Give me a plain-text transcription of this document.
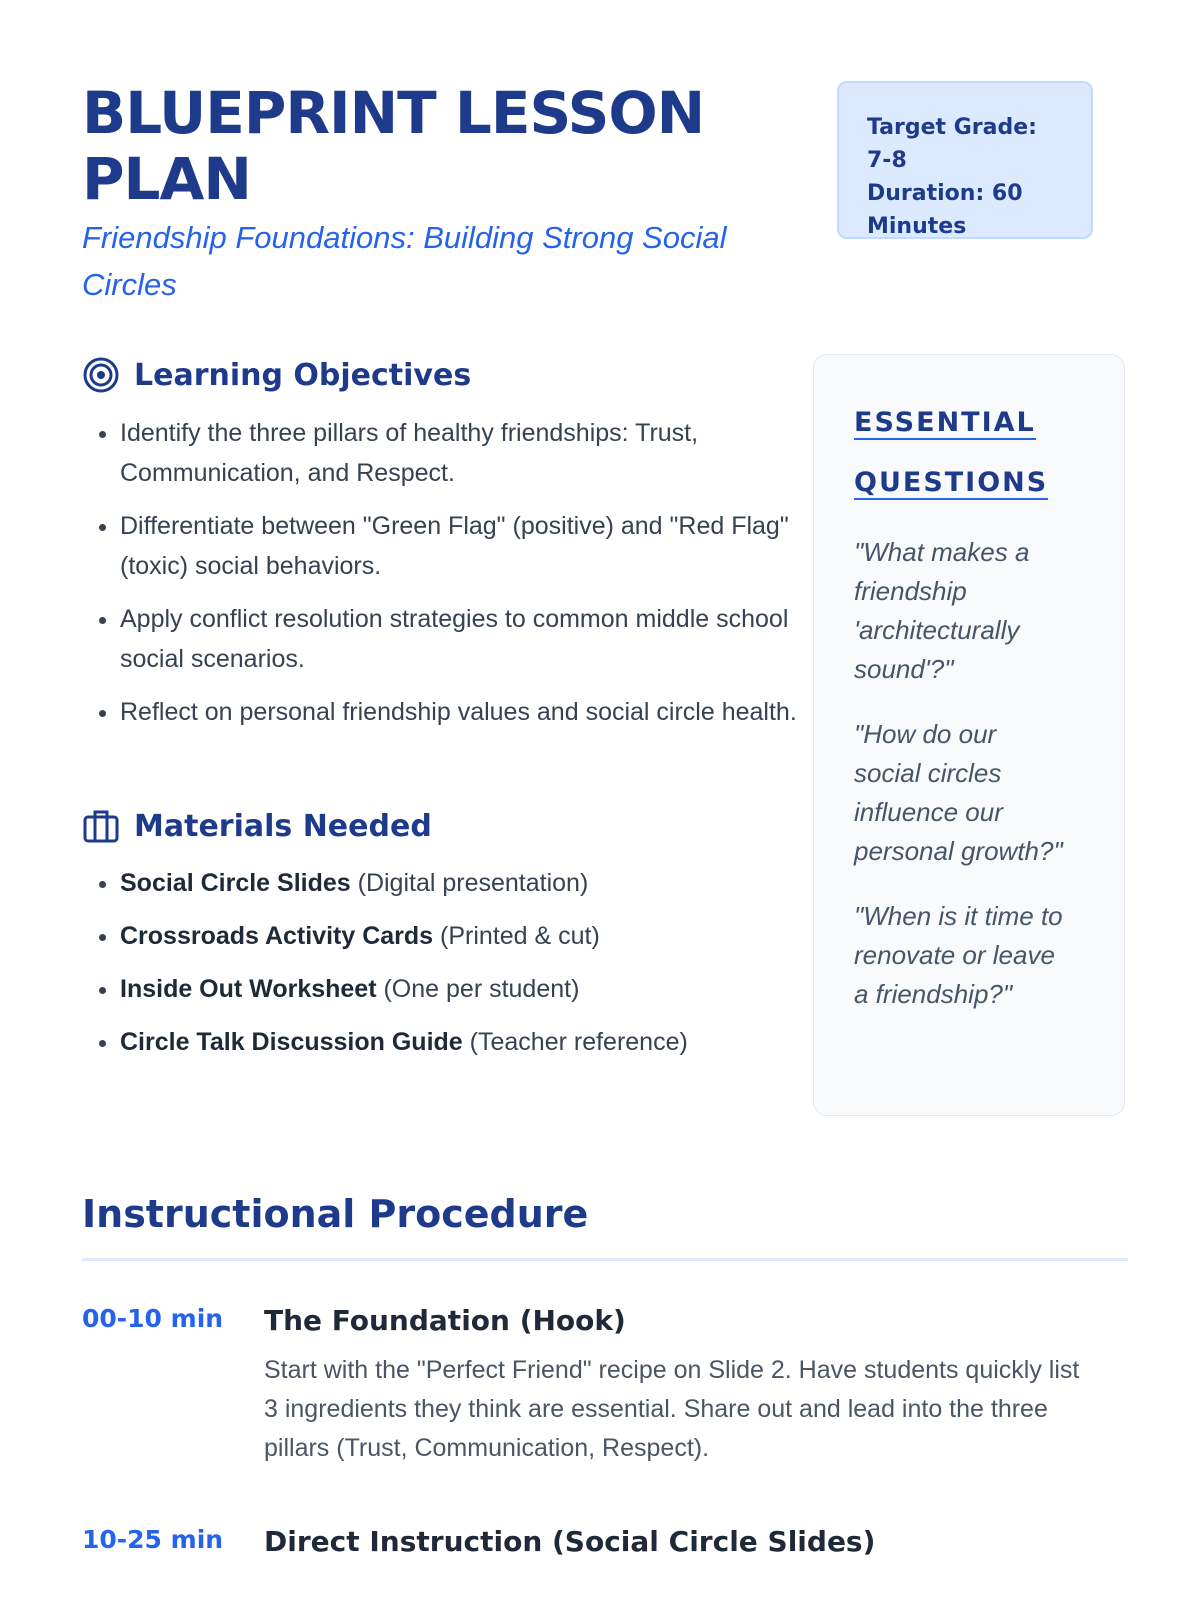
BLUEPRINT LESSON PLAN

Friendship Foundations: Building Strong Social Circles

Target Grade: 7-8
Duration: 60 Minutes
Learning Objectives
• Identify the three pillars of healthy friendships: Trust, Communication, and Respect.
• Differentiate between "Green Flag" (positive) and "Red Flag" (toxic) social behaviors.
• Apply conflict resolution strategies to common middle school social scenarios.
• Reflect on personal friendship values and social circle health.
Materials Needed
• Social Circle Slides (Digital presentation)
• Crossroads Activity Cards (Printed & cut)
• Inside Out Worksheet (One per student)
• Circle Talk Discussion Guide (Teacher reference)
ESSENTIAL QUESTIONS

"What makes a friendship 'architecturally sound'?"

"How do our social circles influence our personal growth?"

"When is it time to renovate or leave a friendship?"

Instructional Procedure
00-10 min The Foundation (Hook)

Start with the "Perfect Friend" recipe on Slide 2. Have students quickly list 3 ingredients they think are essential. Share out and lead into the three pillars (Trust, Communication, Respect).

10-25 min Direct Instruction (Social Circle Slides)
